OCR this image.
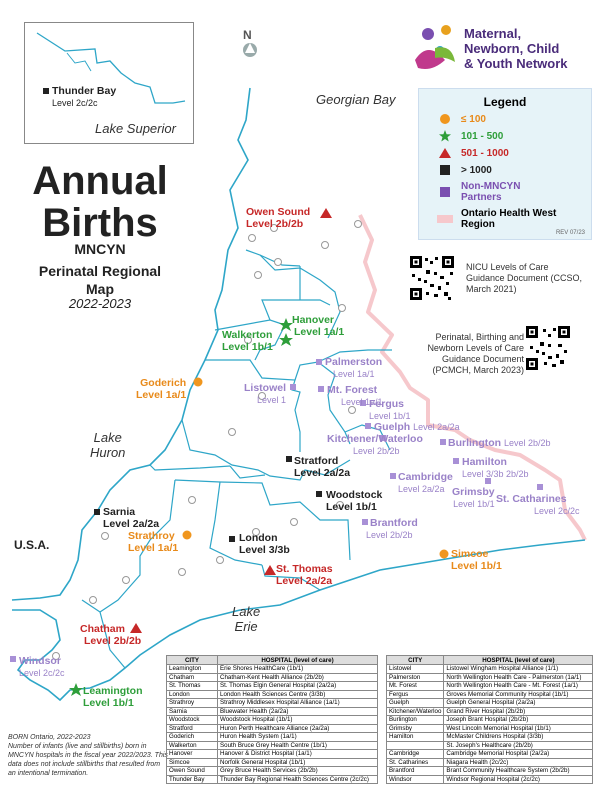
Thunder Bay
Level 2c/2c
Lake Superior
N	Maternal,
Newborn, Child
& Youth Network
Annual
Births
MNCYN
Perinatal Regional
Map
2022-2023
Georgian Bay
Lake
Huron
Lake
Erie
U.S.A.
Legend
≤ 100
101 - 500
501 - 1000
> 1000
Non-MNCYN Partners
Ontario Health West Region
REV 07/23
NICU Levels of Care Guidance Document (CCSO, March 2021)
Perinatal, Birthing and Newborn Levels of Care Guidance Document (PCMCH, March 2023)
Owen Sound
Level 2b/2b
Hanover
Level 1a/1
Walkerton
Level 1b/1
Goderich
Level 1a/1
Palmerston
Level 1a/1
Listowel
Level 1
Mt. Forest
Level 1a/1
Fergus
Level 1b/1
Guelph Level 2a/2a
Kitchener/Waterloo
Level 2b/2b
Burlington Level 2b/2b
Hamilton
Level 3/3b 2b/2b
Cambridge
Level 2a/2a Grimsby
Level 1b/1 St. Catharines
Level 2c/2c
Stratford
Level 2a/2a
Woodstock
Level 1b/1
Brantford
Level 2b/2b
Sarnia
Level 2a/2a
Strathroy
Level 1a/1
London
Level 3/3b
St. Thomas
Level 2a/2a
Simcoe
Level 1b/1
Chatham
Level 2b/2b
Windsor
Level 2c/2c
Leamington
Level 1b/1
BORN Ontario, 2022-2023
Number of infants (live and stillbirths) born in MNCYN hospitals in the fiscal year 2022/2023. This data does not include stillbirths that resulted from an intentional termination.
CITY	HOSPITAL (level of care)
Leamington	Erie Shores HealthCare (1b/1)
Chatham	Chatham-Kent Health Alliance (2b/2b)
St. Thomas	St. Thomas Elgin General Hospital (2a/2a)
London	London Health Sciences Centre (3/3b)
Strathroy	Strathroy Middlesex Hospital Alliance (1a/1)
Sarnia	Bluewater Health (2a/2a)
Woodstock	Woodstock Hospital (1b/1)
Stratford	Huron Perth Healthcare Alliance (2a/2a)
Goderich	Huron Health System (1a/1)
Walkerton	South Bruce Grey Health Centre (1b/1)
Hanover	Hanover & District Hospital (1a/1)
Simcoe	Norfolk General Hospital (1b/1)
Owen Sound	Grey Bruce Health Services (2b/2b)
Thunder Bay	Thunder Bay Regional Health Sciences Centre (2c/2c)
CITY	HOSPITAL (level of care)
Listowel	Listowel Wingham Hospital Alliance (1/1)
Palmerston	North Wellington Health Care - Palmerston (1a/1)
Mt. Forest	North Wellington Health Care - Mt. Forest (1a/1)
Fergus	Groves Memorial Community Hospital (1b/1)
Guelph	Guelph General Hospital (2a/2a)
Kitchener/Waterloo	Grand River Hospital (2b/2b)
Burlington	Joseph Brant Hospital (2b/2b)
Grimsby	West Lincoln Memorial Hospital (1b/1)
Hamilton	McMaster Childrens Hospital (3/3b)
	St. Joseph's Healthcare (2b/2b)
Cambridge	Cambridge Memorial Hospital (2a/2a)
St. Catharines	Niagara Health (2c/2c)
Brantford	Brant Community Healthcare System (2b/2b)
Windsor	Windsor Regional Hospital (2c/2c)
